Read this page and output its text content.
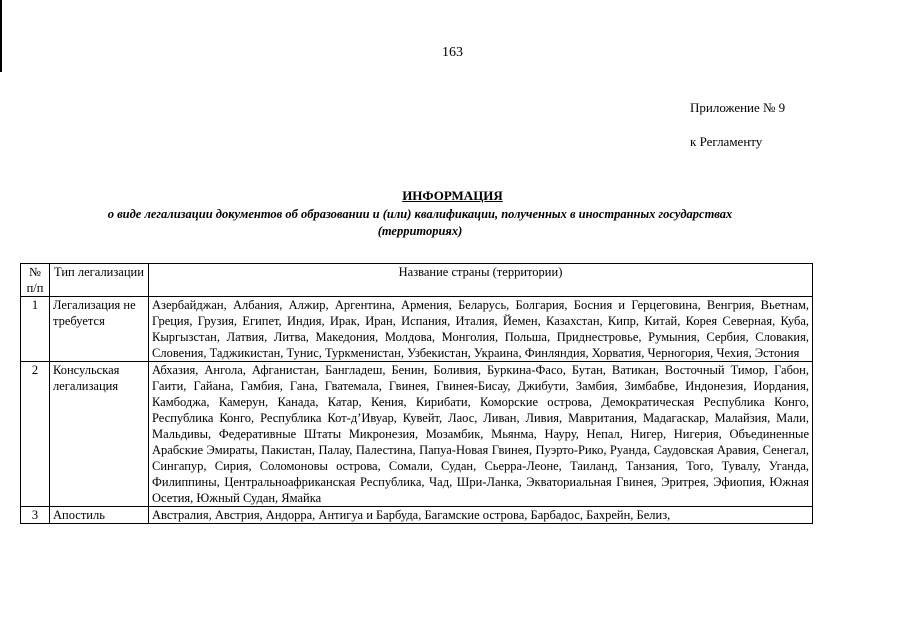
163
Приложение № 9
к Регламенту
ИНФОРМАЦИЯ
о виде легализации документов об образовании и (или) квалификации, полученных в иностранных государствах (территориях)
№ п/п	Тип легализации	Название страны (территории)
1	Легализация не требуется	Азербайджан, Албания, Алжир, Аргентина, Армения, Беларусь, Болгария, Босния и Герцеговина, Венгрия, Вьетнам, Греция, Грузия, Египет, Индия, Ирак, Иран, Испания, Италия, Йемен, Казахстан, Кипр, Китай, Корея Северная, Куба, Кыргызстан, Латвия, Литва, Македония, Молдова, Монголия, Польша, Приднестровье, Румыния, Сербия, Словакия, Словения, Таджикистан, Тунис, Туркменистан, Узбекистан, Украина, Финляндия, Хорватия, Черногория, Чехия, Эстония
2	Консульская легализация	Абхазия, Ангола, Афганистан, Бангладеш, Бенин, Боливия, Буркина-Фасо, Бутан, Ватикан, Восточный Тимор, Габон, Гаити, Гайана, Гамбия, Гана, Гватемала, Гвинея, Гвинея-Бисау, Джибути, Замбия, Зимбабве, Индонезия, Иордания, Камбоджа, Камерун, Канада, Катар, Кения, Кирибати, Коморские острова, Демократическая Республика Конго, Республика Конго, Республика Кот-д’Ивуар, Кувейт, Лаос, Ливан, Ливия, Мавритания, Мадагаскар, Малайзия, Мали, Мальдивы, Федеративные Штаты Микронезия, Мозамбик, Мьянма, Науру, Непал, Нигер, Нигерия, Объединенные Арабские Эмираты, Пакистан, Палау, Палестина, Папуа-Новая Гвинея, Пуэрто-Рико, Руанда, Саудовская Аравия, Сенегал, Сингапур, Сирия, Соломоновы острова, Сомали, Судан, Сьерра-Леоне, Таиланд, Танзания, Того, Тувалу, Уганда, Филиппины, Центральноафриканская Республика, Чад, Шри-Ланка, Экваториальная Гвинея, Эритрея, Эфиопия, Южная Осетия, Южный Судан, Ямайка
3	Апостиль	Австралия, Австрия, Андорра, Антигуа и Барбуда, Багамские острова, Барбадос, Бахрейн, Белиз,
